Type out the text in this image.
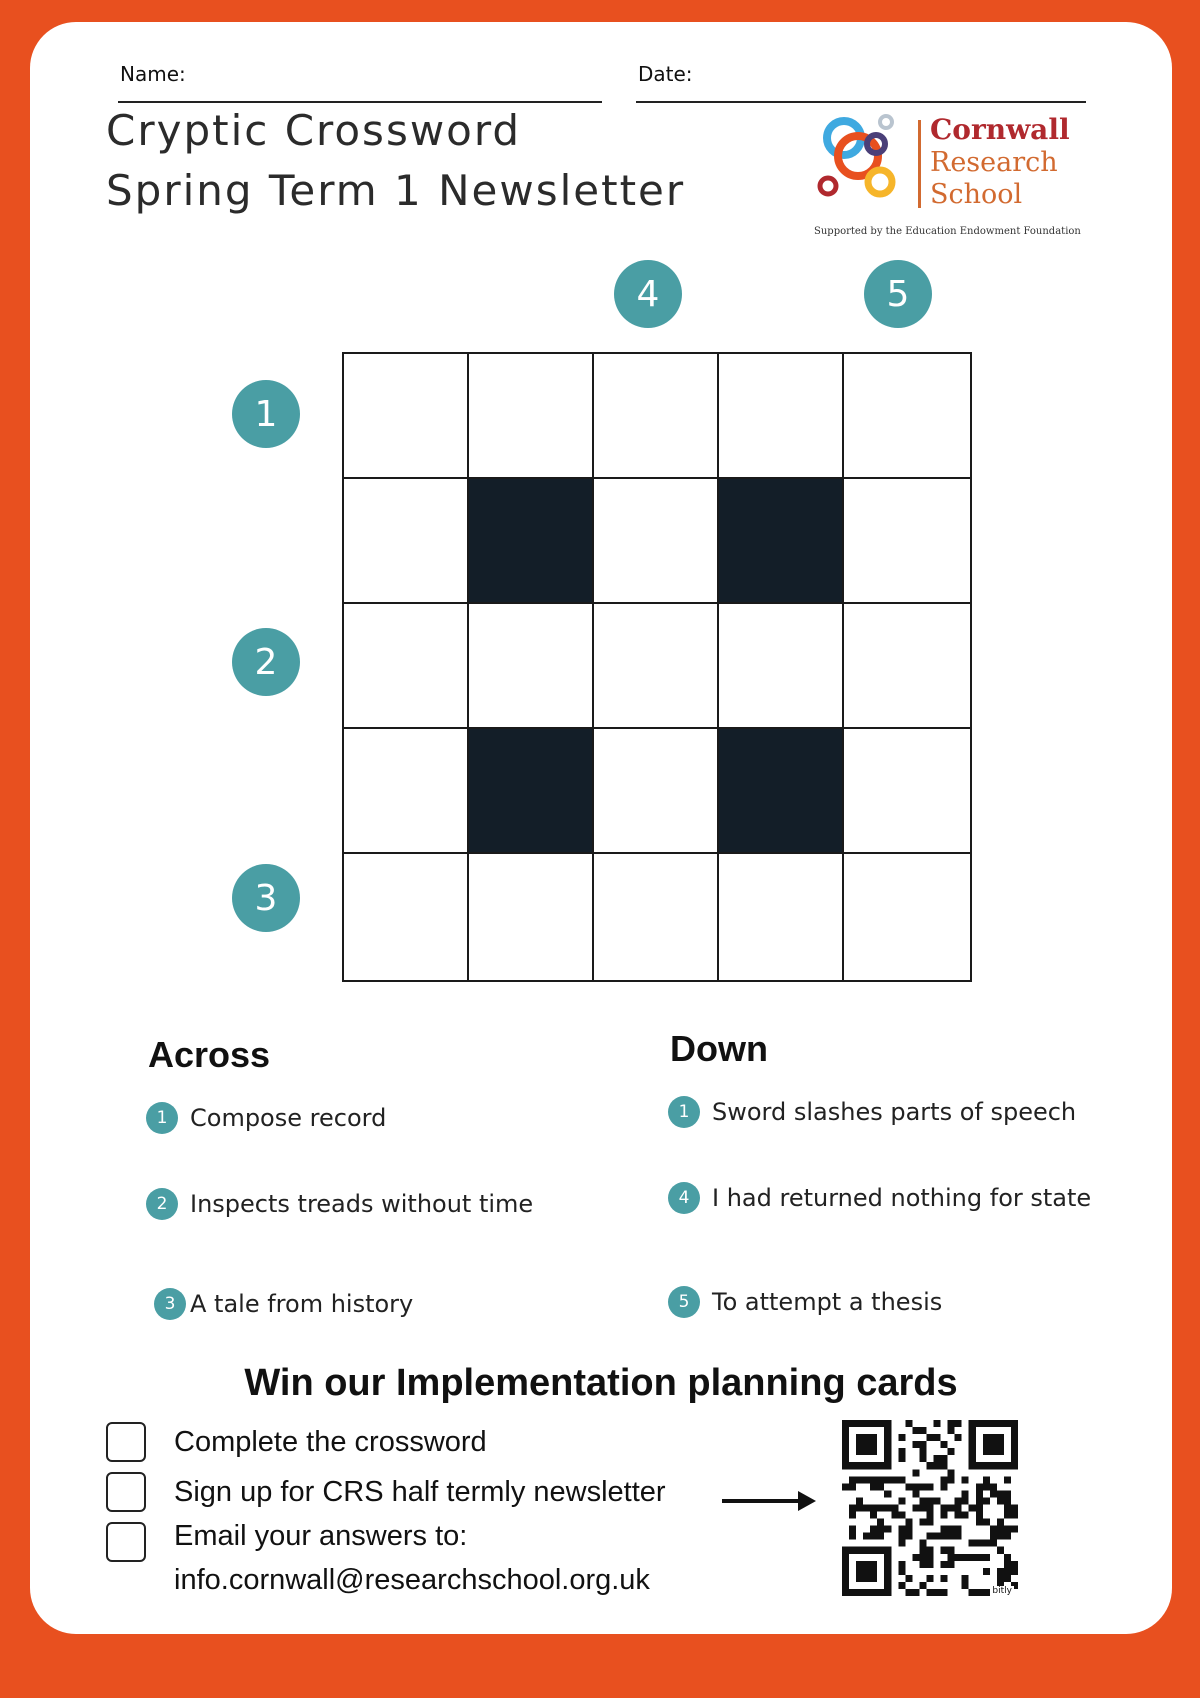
Name:	Date:
Cryptic Crossword
Spring Term 1 Newsletter
Cornwall
Research
School
Supported by the Education Endowment Foundation
4	5
1
2
3
Across	Down
1 Compose record
2 Inspects treads without time
3 A tale from history
1 Sword slashes parts of speech
4 I had returned nothing for state
5 To attempt a thesis
Win our Implementation planning cards
Complete the crossword
Sign up for CRS half termly newsletter
Email your answers to:
info.cornwall@researchschool.org.uk	bitly
